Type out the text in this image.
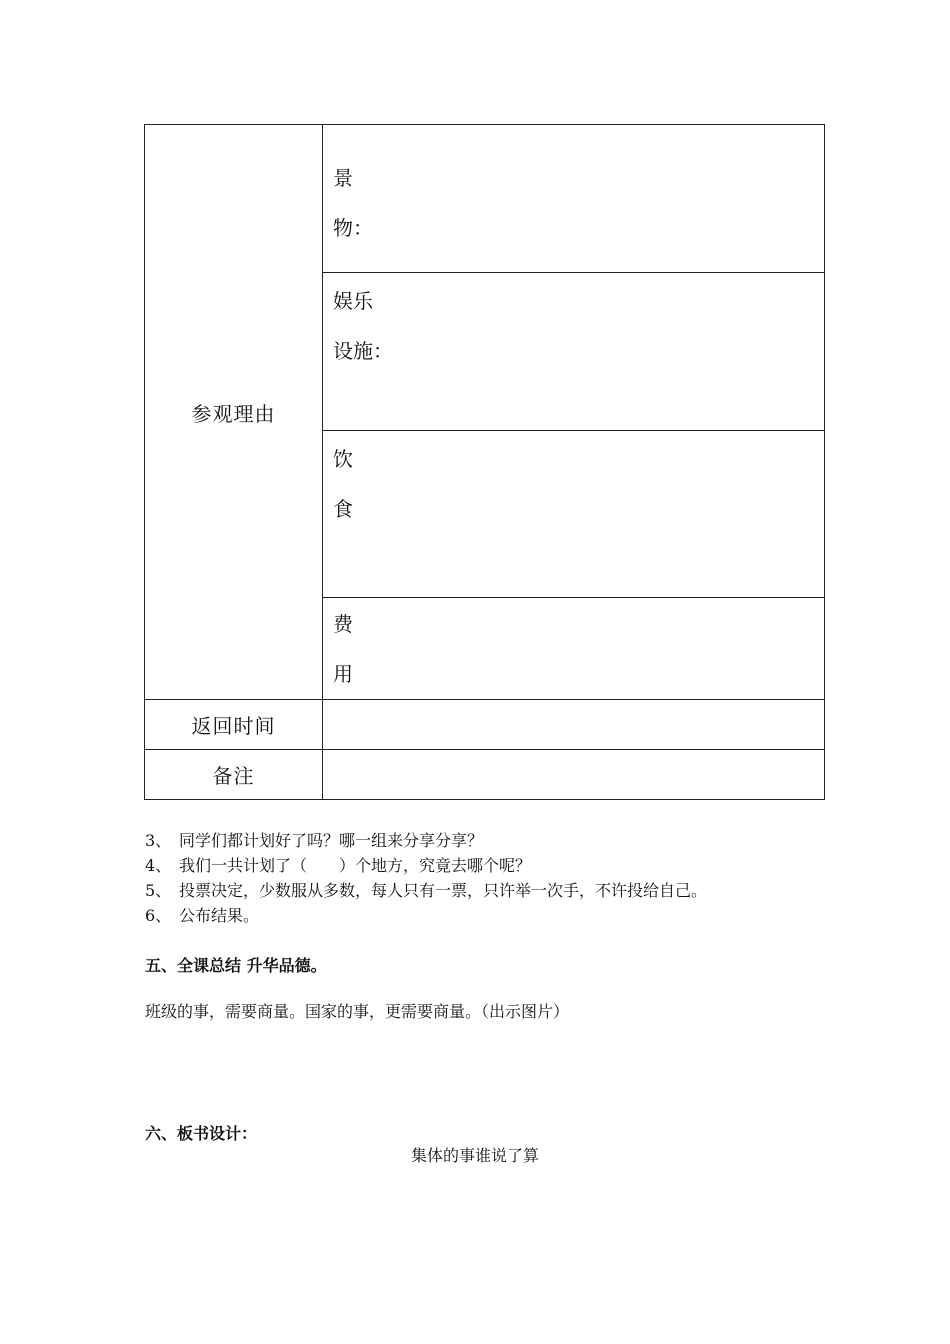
参观理由	景
物：

	娱乐
设施：

	饮
食

	费
用

返回时间	
备注	
3、 同学们都计划好了吗？哪一组来分享分享？
4、 我们一共计划了（　　）个地方，究竟去哪个呢？
5、 投票决定，少数服从多数，每人只有一票，只许举一次手，不许投给自己。
6、 公布结果。
五、全课总结 升华品德。
班级的事，需要商量。国家的事，更需要商量。（出示图片）
六、板书设计：
集体的事谁说了算
